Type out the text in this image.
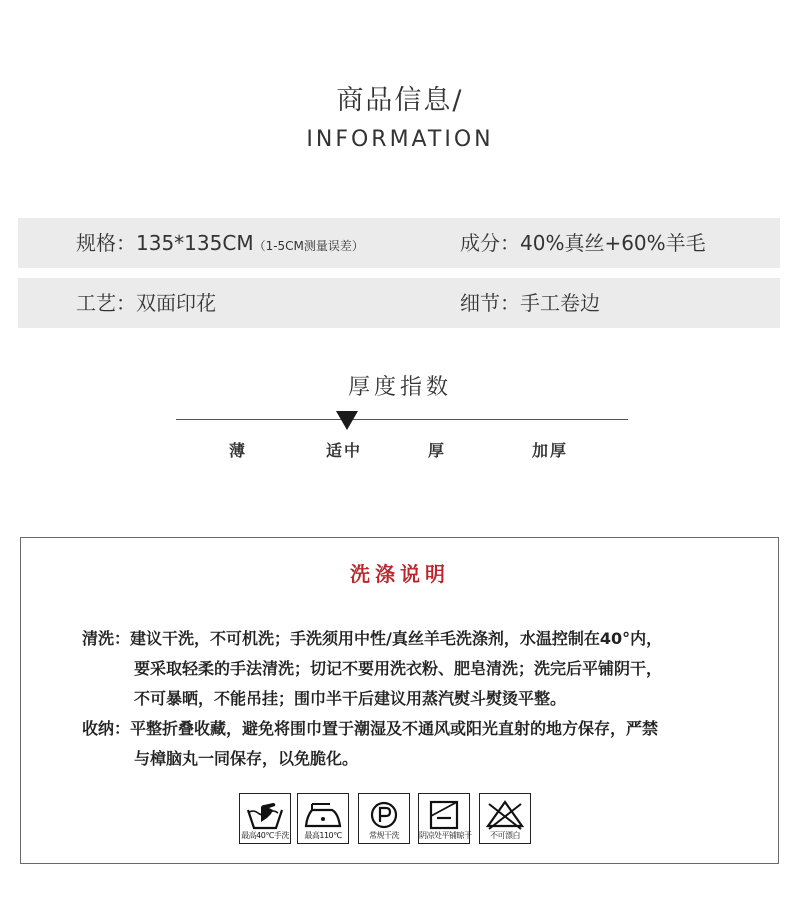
商品信息/
INFORMATION
规格：135*135CM（1-5CM测量误差）	成分：40%真丝+60%羊毛
工艺：双面印花	细节：手工卷边
厚度指数
薄	适中	厚	加厚
洗涤说明
清洗：建议干洗，不可机洗；手洗须用中性/真丝羊毛洗涤剂，水温控制在40°内，
要采取轻柔的手法清洗；切记不要用洗衣粉、肥皂清洗；洗完后平铺阴干，
不可暴晒，不能吊挂；围巾半干后建议用蒸汽熨斗熨烫平整。
收纳：平整折叠收藏，避免将围巾置于潮湿及不通风或阳光直射的地方保存，严禁
与樟脑丸一同保存，以免脆化。
最高40℃手洗	最高110℃	常规干洗	阴凉处平铺晾干	不可漂白
